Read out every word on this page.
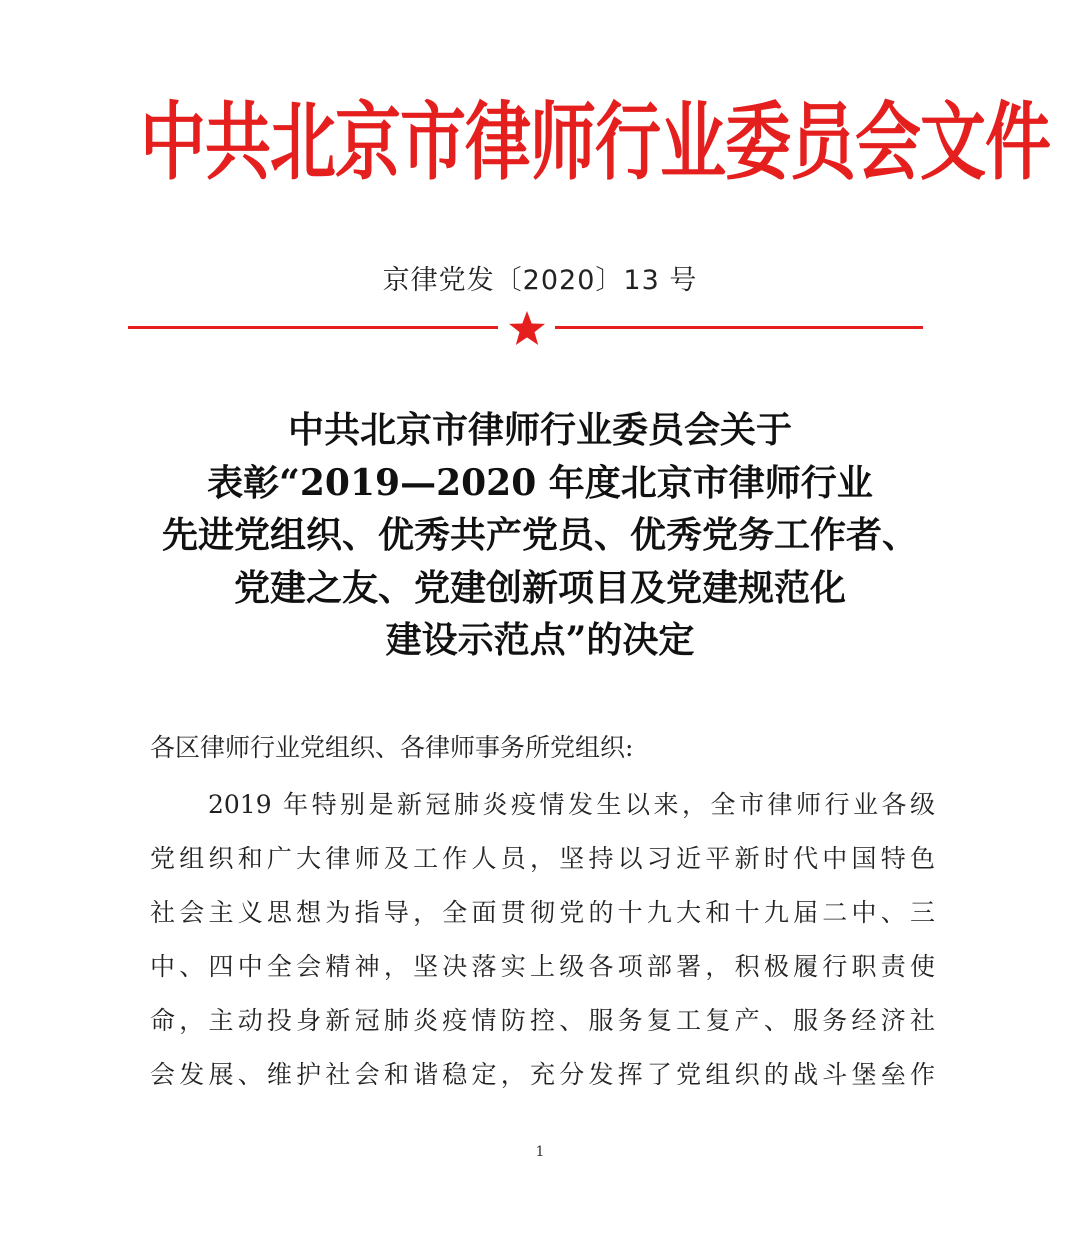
中共北京市律师行业委员会文件
京律党发〔2020〕13 号
中共北京市律师行业委员会关于
表彰“2019—2020 年度北京市律师行业
先进党组织、优秀共产党员、优秀党务工作者、
党建之友、党建创新项目及党建规范化
建设示范点”的决定
各区律师行业党组织、各律师事务所党组织:
2019 年特别是新冠肺炎疫情发生以来，全市律师行业各级
党组织和广大律师及工作人员，坚持以习近平新时代中国特色
社会主义思想为指导，全面贯彻党的十九大和十九届二中、三
中、四中全会精神，坚决落实上级各项部署，积极履行职责使
命，主动投身新冠肺炎疫情防控、服务复工复产、服务经济社
会发展、维护社会和谐稳定，充分发挥了党组织的战斗堡垒作
1
